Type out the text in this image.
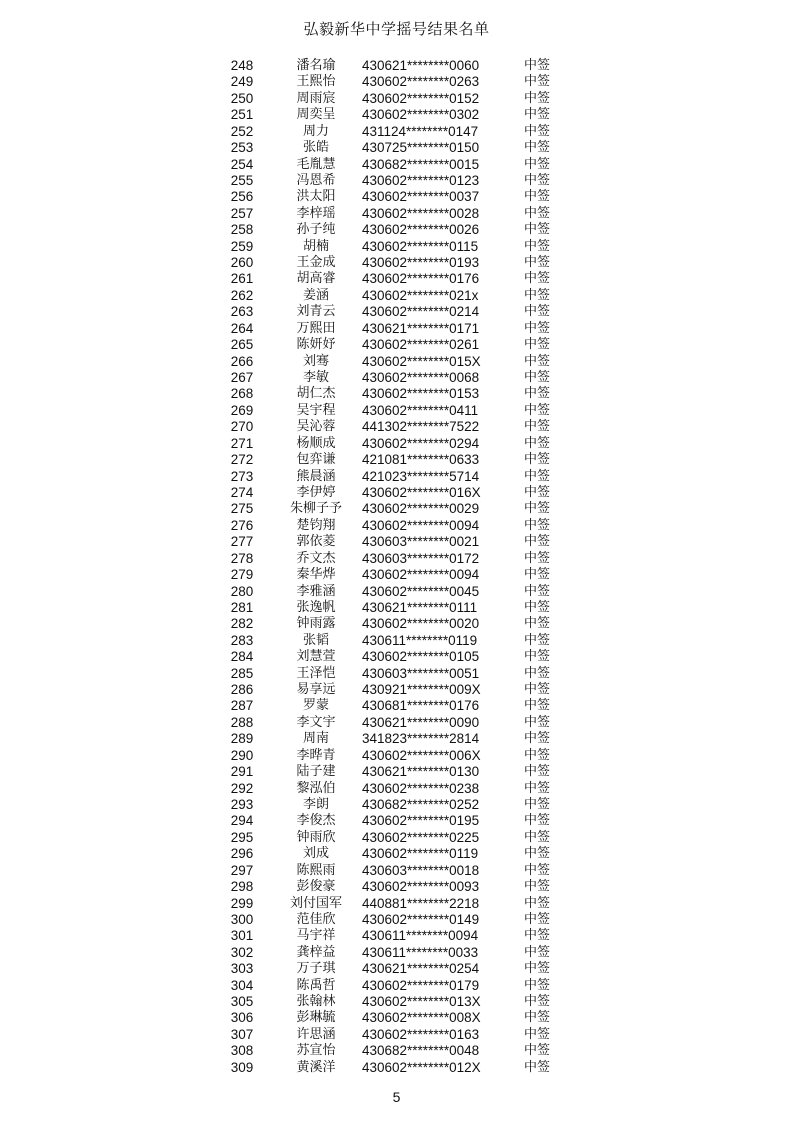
弘毅新华中学摇号结果名单
248	潘名瑜	430621********0060	中签
249	王熙怡	430602********0263	中签
250	周雨宸	430602********0152	中签
251	周奕呈	430602********0302	中签
252	周力	431124********0147	中签
253	张皓	430725********0150	中签
254	毛胤慧	430682********0015	中签
255	冯恩希	430602********0123	中签
256	洪太阳	430602********0037	中签
257	李梓瑶	430602********0028	中签
258	孙子纯	430602********0026	中签
259	胡楠	430602********0115	中签
260	王金成	430602********0193	中签
261	胡高睿	430602********0176	中签
262	姜涵	430602********021x	中签
263	刘青云	430602********0214	中签
264	万熙田	430621********0171	中签
265	陈妍妤	430602********0261	中签
266	刘骞	430602********015X	中签
267	李敏	430602********0068	中签
268	胡仁杰	430602********0153	中签
269	吴宇程	430602********0411	中签
270	吴沁蓉	441302********7522	中签
271	杨顺成	430602********0294	中签
272	包弈谦	421081********0633	中签
273	熊晨涵	421023********5714	中签
274	李伊婷	430602********016X	中签
275	朱柳子予	430602********0029	中签
276	楚钧翔	430602********0094	中签
277	郭依菱	430603********0021	中签
278	乔文杰	430603********0172	中签
279	秦华烨	430602********0094	中签
280	李雅涵	430602********0045	中签
281	张逸帆	430621********0111	中签
282	钟雨露	430602********0020	中签
283	张韬	430611********0119	中签
284	刘慧萱	430602********0105	中签
285	王泽恺	430603********0051	中签
286	易享远	430921********009X	中签
287	罗蒙	430681********0176	中签
288	李文宇	430621********0090	中签
289	周南	341823********2814	中签
290	李晔青	430602********006X	中签
291	陆子建	430621********0130	中签
292	黎泓伯	430602********0238	中签
293	李朗	430682********0252	中签
294	李俊杰	430602********0195	中签
295	钟雨欣	430602********0225	中签
296	刘成	430602********0119	中签
297	陈熙雨	430603********0018	中签
298	彭俊豪	430602********0093	中签
299	刘付国军	440881********2218	中签
300	范佳欣	430602********0149	中签
301	马宇祥	430611********0094	中签
302	龚梓益	430611********0033	中签
303	万子琪	430621********0254	中签
304	陈禹哲	430602********0179	中签
305	张翰林	430602********013X	中签
306	彭琳毓	430602********008X	中签
307	许思涵	430602********0163	中签
308	苏宣怡	430682********0048	中签
309	黄溪洋	430602********012X	中签
5
